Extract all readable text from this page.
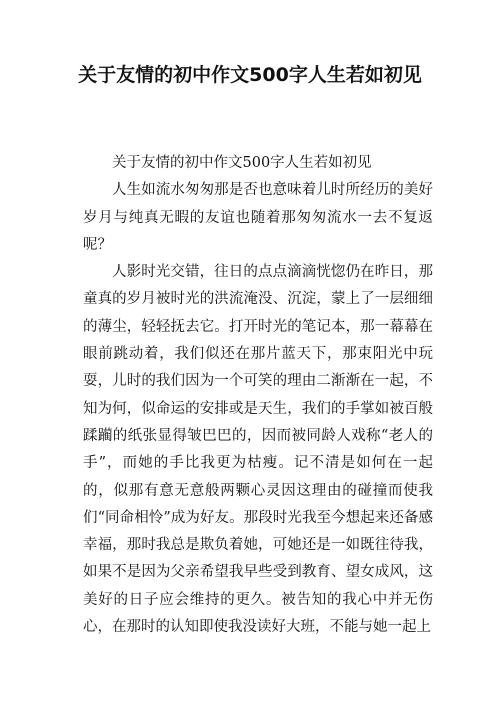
关于友情的初中作文500字人生若如初见

关于友情的初中作文500字人生若如初见

人生如流水匆匆那是否也意味着儿时所经历的美好岁月与纯真无暇的友谊也随着那匆匆流水一去不复返呢？

人影时光交错，往日的点点滴滴恍惚仍在昨日，那童真的岁月被时光的洪流淹没、沉淀，蒙上了一层细细的薄尘，轻轻抚去它。打开时光的笔记本，那一幕幕在眼前跳动着，我们似还在那片蓝天下，那束阳光中玩耍，儿时的我们因为一个可笑的理由二渐渐在一起，不知为何，似命运的安排或是天生，我们的手掌如被百般蹂躏的纸张显得皱巴巴的，因而被同龄人戏称“老人的手”，而她的手比我更为枯瘦。记不清是如何在一起的，似那有意无意般两颗心灵因这理由的碰撞而使我们“同命相怜”成为好友。那段时光我至今想起来还备感幸福，那时我总是欺负着她，可她还是一如既往待我，如果不是因为父亲希望我早些受到教育、望女成风，这美好的日子应会维持的更久。被告知的我心中并无伤心，在那时的认知即使我没读好大班，不能与她一起上
